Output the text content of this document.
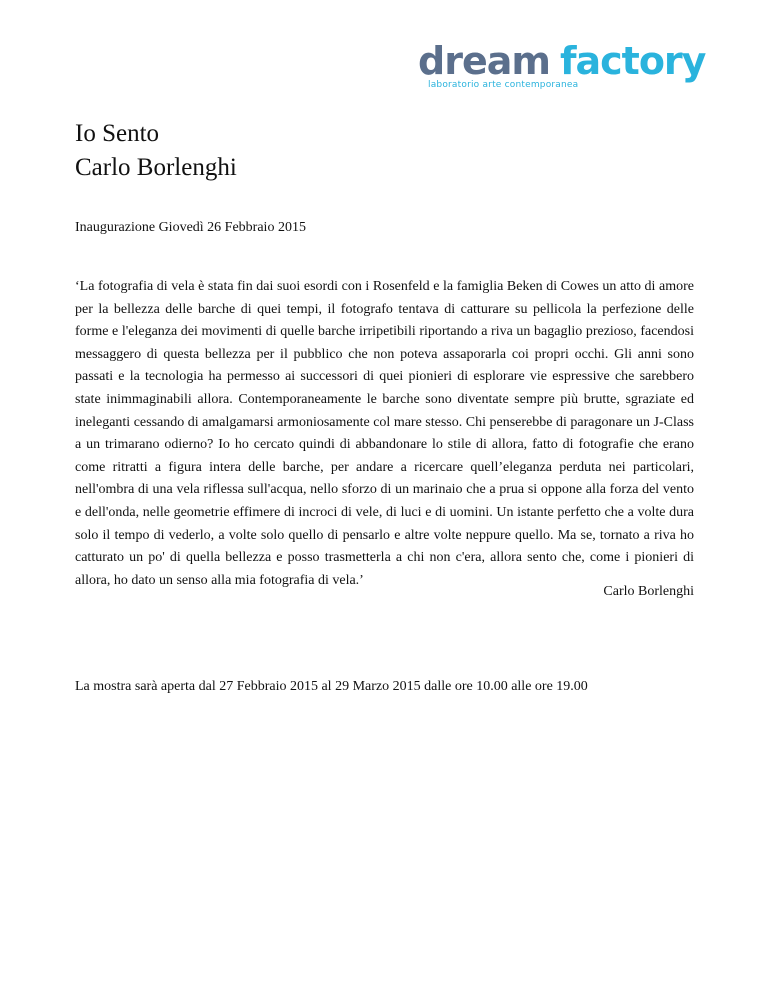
dream factory
laboratorio arte contemporanea
Io Sento
Carlo Borlenghi
Inaugurazione Giovedì 26 Febbraio 2015
‘La fotografia di vela è stata fin dai suoi esordi con i Rosenfeld e la famiglia Beken di Cowes un atto di amore per la bellezza delle barche di quei tempi, il fotografo tentava di catturare su pellicola la perfezione delle forme e l'eleganza dei movimenti di quelle barche irripetibili riportando a riva un bagaglio prezioso, facendosi messaggero di questa bellezza per il pubblico che non poteva assaporarla coi propri occhi. Gli anni sono passati e la tecnologia ha permesso ai successori di quei pionieri di esplorare vie espressive che sarebbero state inimmaginabili allora. Contemporaneamente le barche sono diventate sempre più brutte, sgraziate ed ineleganti cessando di amalgamarsi armoniosamente col mare stesso. Chi penserebbe di paragonare un J-Class a un trimarano odierno? Io ho cercato quindi di abbandonare lo stile di allora, fatto di fotografie che erano come ritratti a figura intera delle barche, per andare a ricercare quell’eleganza perduta nei particolari, nell'ombra di una vela riflessa sull'acqua, nello sforzo di un marinaio che a prua si oppone alla forza del vento e dell'onda, nelle geometrie effimere di incroci di vele, di luci e di uomini. Un istante perfetto che a volte dura solo il tempo di vederlo, a volte solo quello di pensarlo e altre volte neppure quello. Ma se, tornato a riva ho catturato un po' di quella bellezza e posso trasmetterla a chi non c'era, allora sento che, come i pionieri di allora, ho dato un senso alla mia fotografia di vela.’
Carlo Borlenghi
La mostra sarà aperta dal 27 Febbraio 2015 al 29 Marzo 2015 dalle ore 10.00 alle ore 19.00
